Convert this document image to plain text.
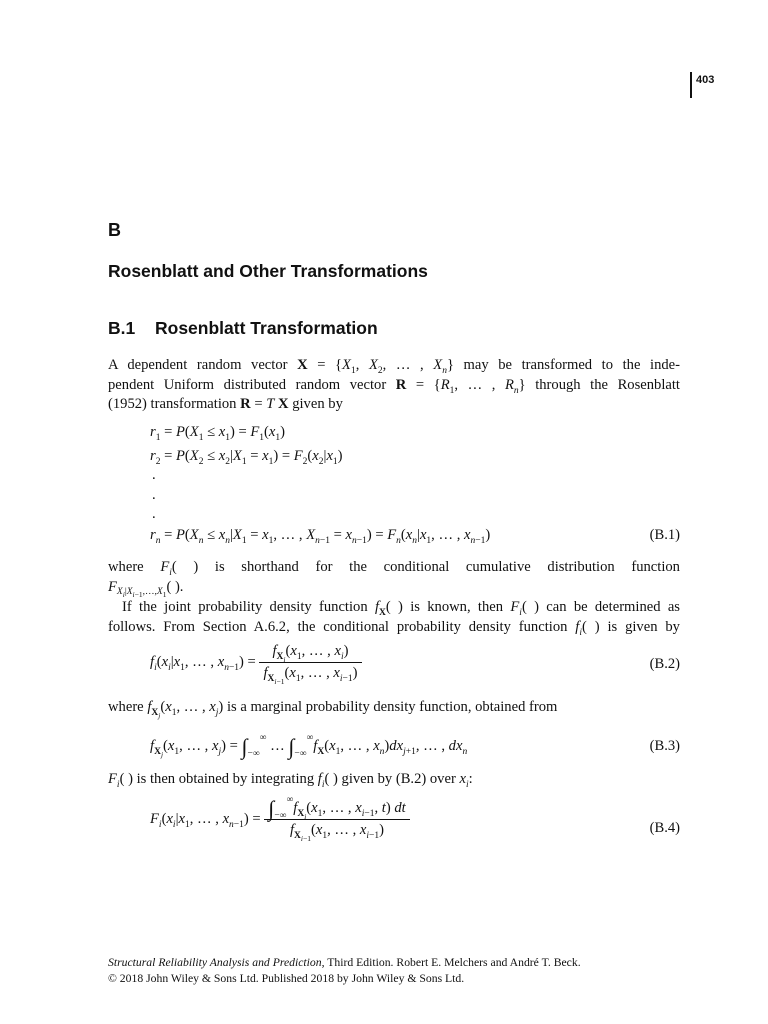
403
B
Rosenblatt and Other Transformations
B.1 Rosenblatt Transformation
A dependent random vector $X = \{X_1$, $X_2$, … , $X_n$} may be transformed to the inde-
pendent Uniform distributed random vector $R = \{R_1$, … , $R_n$} through the Rosenblatt
(1952) transformation R = T X given by
$r_1 = P(X_1 \le x_1) = F_1(x_1)$
$r_2 = P(X_2 \le x_2|X_1 = x_1) = F_2(x_2|x_1)$
.
.
.
$r_n = P(X_n \le x_n|X_1 = x_1$, … , $X_{n-1} = x_{n-1}) = F_n(x_n|x_1$, … , $x_{n-1}$)	(B.1)
where $F_i$( ) is shorthand for the conditional cumulative distribution function
$F_{X_i|X_{i-1},\dots,X_1}$( ).
If the joint probability density function $f_X$( ) is known, then $F_i$( ) can be determined as
follows. From Section A.6.2, the conditional probability density function $f_i$( ) is given by
$f_i(x_i|x_1$, … , $x_{n-1}) = \frac{f_{X_i}(x_1, \dots , x_i)}{f_{X_{i-1}}(x_1, \dots , x_{i-1})}$	(B.2)
where $f_{X_j}(x_1$, … , $x_j$) is a marginal probability density function, obtained from
$f_{X_j}(x_1$, … , $x_j) = \int_{-\infty}^\infty$ … $\int_{-\infty}^\infty f_X(x_1$, … , $x_n)dx_{j+1}$, … , $dx_n$	(B.3)
$F_i$( ) is then obtained by integrating $f_i$( ) given by (B.2) over $x_i$:
$F_i(x_i|x_1$, … , $x_{n-1}) = \frac{\int_{-\infty}^\infty f_{X_i}(x_1, \dots , x_{i-1}, t) dt}{f_{X_{i-1}}(x_1, \dots , x_{i-1})}$	(B.4)
Structural Reliability Analysis and Prediction, Third Edition. Robert E. Melchers and André T. Beck.
© 2018 John Wiley & Sons Ltd. Published 2018 by John Wiley & Sons Ltd.
